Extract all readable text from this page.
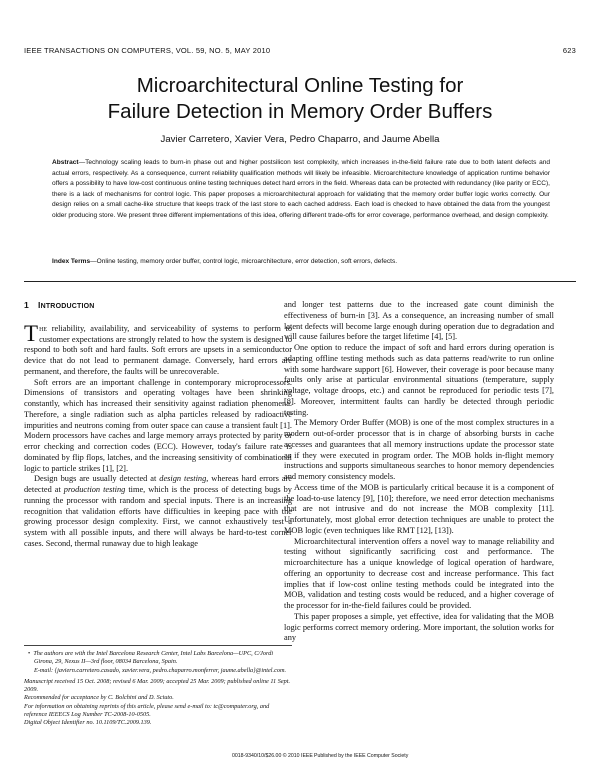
IEEE TRANSACTIONS ON COMPUTERS, VOL. 59, NO. 5, MAY 2010	623
Microarchitectural Online Testing for
Failure Detection in Memory Order Buffers
Javier Carretero, Xavier Vera, Pedro Chaparro, and Jaume Abella
Abstract—Technology scaling leads to burn-in phase out and higher postsilicon test complexity, which increases in-the-field failure rate due to both latent defects and actual errors, respectively. As a consequence, current reliability qualification methods will likely be infeasible. Microarchitecture knowledge of application runtime behavior offers a possibility to have low-cost continuous online testing techniques detect hard errors in the field. Whereas data can be protected with redundancy (like parity or ECC), there is a lack of mechanisms for control logic. This paper proposes a microarchitectural approach for validating that the memory order buffer logic works correctly. Our design relies on a small cache-like structure that keeps track of the last store to each cached address. Each load is checked to have obtained the data from the youngest older producing store. We present three different implementations of this idea, offering different trade-offs for error coverage, performance overhead, and design complexity.
Index Terms—Online testing, memory order buffer, control logic, microarchitecture, error detection, soft errors, defects.
1 INTRODUCTION

The reliability, availability, and serviceability of systems to perform to customer expectations are strongly related to how the system is designed to respond to both soft and hard faults. Soft errors are upsets in a semiconductor device that do not lead to permanent damage. Conversely, hard errors are permanent, and therefore, the faults will be unrecoverable.

Soft errors are an important challenge in contemporary microprocessors. Dimensions of transistors and operating voltages have been shrinking constantly, which has increased their sensitivity against radiation phenomena. Therefore, a single radiation such as alpha particles released by radioactive impurities and neutrons coming from outer space can cause a transient fault [1]. Modern processors have caches and large memory arrays protected by parity or error checking and correction codes (ECC). However, today's failure rate is dominated by flip flops, latches, and the increasing sensitivity of combinational logic to particle strikes [1], [2].

Design bugs are usually detected at design testing, whereas hard errors are detected at production testing time, which is the process of detecting bugs by running the processor with random and special inputs. There is an increasing recognition that validation efforts have difficulties in keeping pace with the growing processor design complexity. First, we cannot exhaustively test a system with all possible inputs, and there will always be hard-to-test corner cases. Second, thermal runaway due to high leakage

and longer test patterns due to the increased gate count diminish the effectiveness of burn-in [3]. As a consequence, an increasing number of small latent defects will become large enough during operation due to degradation and will cause failures before the target lifetime [4], [5].

One option to reduce the impact of soft and hard errors during operation is adapting offline testing methods such as data patterns read/write to run online with some hardware support [6]. However, their coverage is poor because many faults only arise at particular environmental situations (temperature, supply voltage, voltage droops, etc.) and cannot be reproduced for periodic tests [7], [8]. Moreover, intermittent faults can hardly be detected through periodic testing.

The Memory Order Buffer (MOB) is one of the most complex structures in a modern out-of-order processor that is in charge of absorbing bursts in cache accesses and guarantees that all memory instructions update the processor state as if they were executed in program order. The MOB holds in-flight memory instructions and supports simultaneous searches to honor memory dependencies and memory consistency models.

Access time of the MOB is particularly critical because it is a component of the load-to-use latency [9], [10]; therefore, we need error detection mechanisms that are not intrusive and do not increase the MOB complexity [11]. Unfortunately, most global error detection techniques are unable to protect the MOB logic (even techniques like RMT [12], [13]).

Microarchitectural intervention offers a novel way to manage reliability and testing without significantly sacrificing cost and performance. The microarchitecture has a unique knowledge of logical operation of hardware, offering an opportunity to decrease cost and increase performance. This fact implies that if low-cost online testing methods could be integrated into the MOB, validation and testing costs would be reduced, and a higher coverage of the processor for in-the-field failures could be provided.

This paper proposes a simple, yet effective, idea for validating that the MOB logic performs correct memory ordering. More important, the solution works for any

• The authors are with the Intel Barcelona Research Center, Intel Labs Barcelona—UPC, C/Jordi Girona, 29, Nexus II—3rd floor, 08034 Barcelona, Spain.

E-mail: {javiern.carretero.casado, xavier.vera, pedro.chaparro.monferrer, jaume.abella}@intel.com.

Manuscript received 15 Oct. 2008; revised 6 Mar. 2009; accepted 25 Mar. 2009; published online 11 Sept. 2009.

Recommended for acceptance by C. Bolchini and D. Sciuto.

For information on obtaining reprints of this article, please send e-mail to: tc@computer.org, and reference IEEECS Log Number TC-2008-10-0505.

Digital Object Identifier no. 10.1109/TC.2009.139.

0018-9340/10/$26.00 © 2010 IEEE Published by the IEEE Computer Society
